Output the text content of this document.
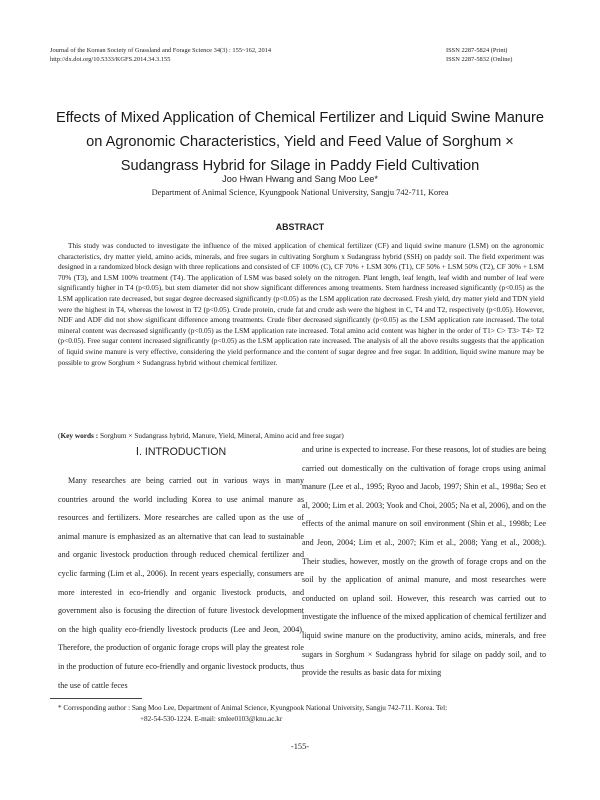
Journal of the Korean Society of Grassland and Forage Science 34(3) : 155~162, 2014
http://dx.doi.org/10.5333/KGFS.2014.34.3.155
ISSN 2287-5824 (Print)
ISSN 2287-5832 (Online)
Effects of Mixed Application of Chemical Fertilizer and Liquid Swine Manure
on Agronomic Characteristics, Yield and Feed Value of Sorghum ×
Sudangrass Hybrid for Silage in Paddy Field Cultivation
Joo Hwan Hwang and Sang Moo Lee*
Department of Animal Science, Kyungpook National University, Sangju 742-711, Korea
ABSTRACT

This study was conducted to investigate the influence of the mixed application of chemical fertilizer (CF) and liquid swine manure (LSM) on the agronomic characteristics, dry matter yield, amino acids, minerals, and free sugars in cultivating Sorghum x Sudangrass hybrid (SSH) on paddy soil. The field experiment was designed in a randomized block design with three replications and consisted of CF 100% (C), CF 70% + LSM 30% (T1), CF 50% + LSM 50% (T2), CF 30% + LSM 70% (T3), and LSM 100% treatment (T4). The application of LSM was based solely on the nitrogen. Plant length, leaf length, leaf width and number of leaf were significantly higher in T4 (p<0.05), but stem diameter did not show significant differences among treatments. Stem hardness increased significantly (p<0.05) as the LSM application rate decreased, but sugar degree decreased significantly (p<0.05) as the LSM application rate decreased. Fresh yield, dry matter yield and TDN yield were the highest in T4, whereas the lowest in T2 (p<0.05). Crude protein, crude fat and crude ash were the highest in C, T4 and T2, respectively (p<0.05). However, NDF and ADF did not show significant difference among treatments. Crude fiber decreased significantly (p<0.05) as the LSM application rate increased. The total mineral content was decreased significantly (p<0.05) as the LSM application rate increased. Total amino acid content was higher in the order of T1> C> T3> T4> T2 (p<0.05). Free sugar content increased significantly (p<0.05) as the LSM application rate increased. The analysis of all the above results suggests that the application of liquid swine manure is very effective, considering the yield performance and the content of sugar degree and free sugar. In addition, liquid swine manure may be possible to grow Sorghum × Sudangrass hybrid without chemical fertilizer.

(Key words : Sorghum × Sudangrass hybrid, Manure, Yield, Mineral, Amino acid and free sugar)

Ⅰ. INTRODUCTION

Many researches are being carried out in various ways in many countries around the world including Korea to use animal manure as resources and fertilizers. More researches are called upon as the use of animal manure is emphasized as an alternative that can lead to sustainable and organic livestock production through reduced chemical fertilizer and cyclic farming (Lim et al., 2006). In recent years especially, consumers are more interested in eco-friendly and organic livestock products, and government also is focusing the direction of future livestock development on the high quality eco-friendly livestock products (Lee and Jeon, 2004). Therefore, the production of organic forage crops will play the greatest role in the production of future eco-friendly and organic livestock products, thus the use of cattle feces

and urine is expected to increase. For these reasons, lot of studies are being carried out domestically on the cultivation of forage crops using animal manure (Lee et al., 1995; Ryoo and Jacob, 1997; Shin et al., 1998a; Seo et al, 2000; Lim et al. 2003; Yook and Choi, 2005; Na et al, 2006), and on the effects of the animal manure on soil environment (Shin et al., 1998b; Lee and Jeon, 2004; Lim et al., 2007; Kim et al., 2008; Yang et al., 2008;). Their studies, however, mostly on the growth of forage crops and on the soil by the application of animal manure, and most researches were conducted on upland soil. However, this research was carried out to investigate the influence of the mixed application of chemical fertilizer and liquid swine manure on the productivity, amino acids, minerals, and free sugars in Sorghum × Sudangrass hybrid for silage on paddy soil, and to provide the results as basic data for mixing

* Corresponding author : Sang Moo Lee, Department of Animal Science, Kyungpook National University, Sangju 742-711. Korea. Tel:
+82-54-530-1224. E-mail: smlee0103@knu.ac.kr
-155-
